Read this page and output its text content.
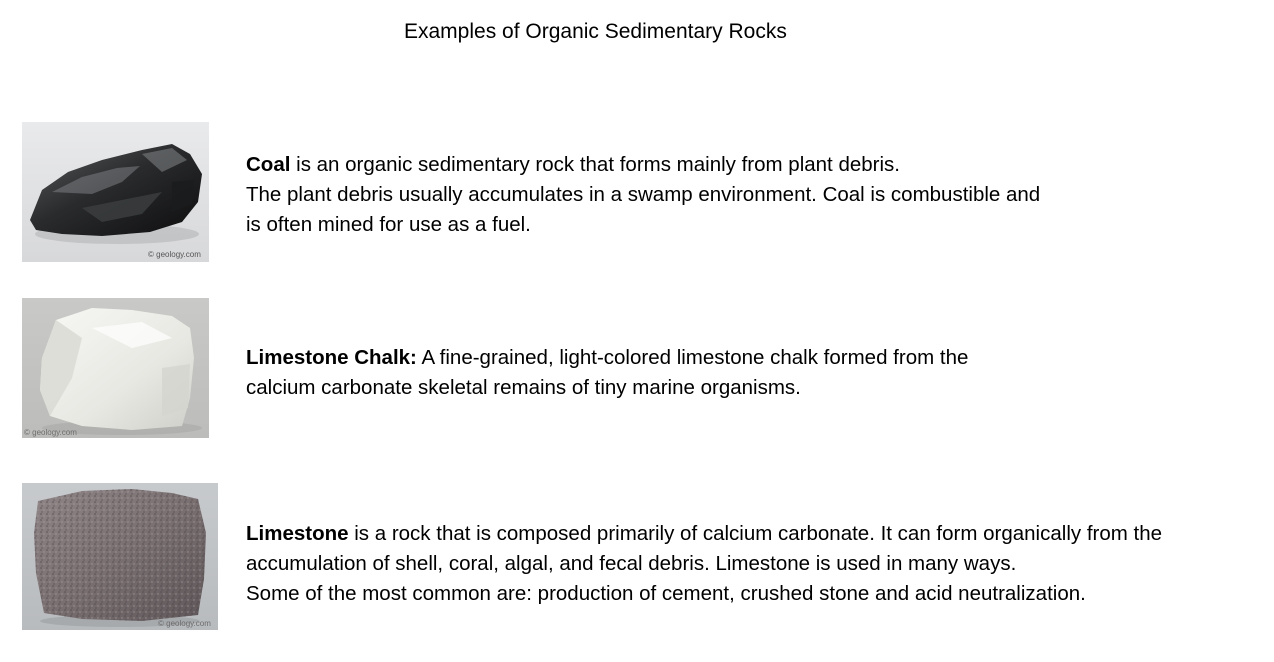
Examples of Organic Sedimentary Rocks
© geology.com
Coal is an organic sedimentary rock that forms mainly from plant debris.
The plant debris usually accumulates in a swamp environment. Coal is combustible and
is often mined for use as a fuel.
© geology.com
Limestone Chalk: A fine-grained, light-colored limestone chalk formed from the
calcium carbonate skeletal remains of tiny marine organisms.
© geology.com
Limestone is a rock that is composed primarily of calcium carbonate. It can form organically from the
accumulation of shell, coral, algal, and fecal debris. Limestone is used in many ways.
Some of the most common are: production of cement, crushed stone and acid neutralization.
